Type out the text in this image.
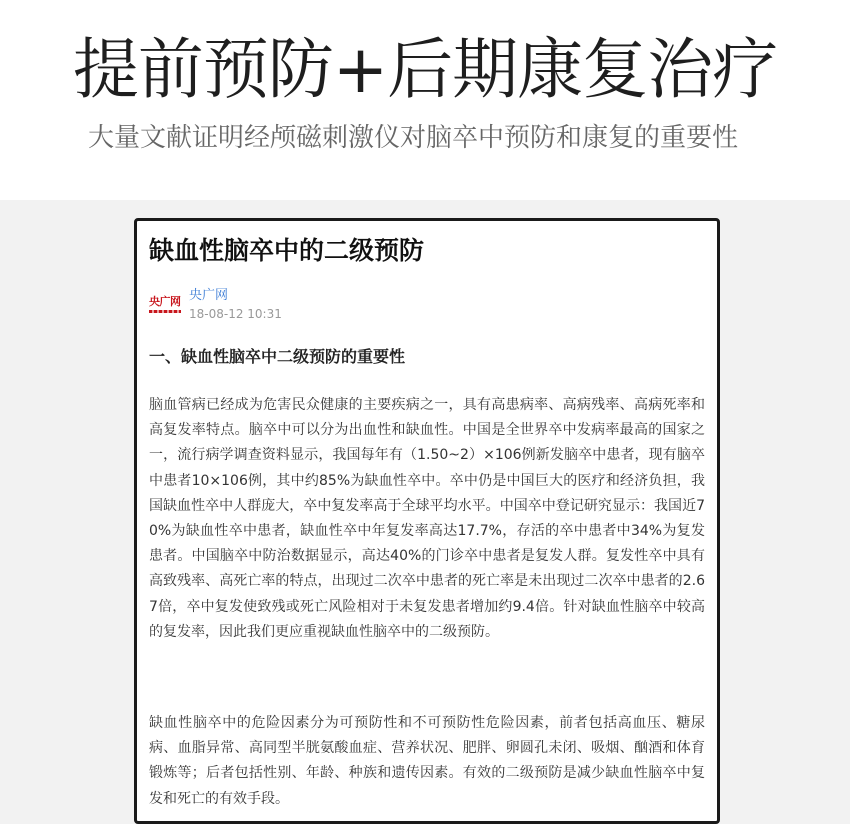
提前预防+后期康复治疗
大量文献证明经颅磁刺激仪对脑卒中预防和康复的重要性
缺血性脑卒中的二级预防
央广网 央广网
18-08-12 10:31
一、缺血性脑卒中二级预防的重要性
脑血管病已经成为危害民众健康的主要疾病之一，具有高患病率、高病残率、高病死率和高复发率特点。脑卒中可以分为出血性和缺血性。中国是全世界卒中发病率最高的国家之一，流行病学调查资料显示，我国每年有（1.50~2）×106例新发脑卒中患者，现有脑卒中患者10×106例，其中约85%为缺血性卒中。卒中仍是中国巨大的医疗和经济负担，我国缺血性卒中人群庞大，卒中复发率高于全球平均水平。中国卒中登记研究显示：我国近70%为缺血性卒中患者，缺血性卒中年复发率高达17.7%，存活的卒中患者中34%为复发患者。中国脑卒中防治数据显示，高达40%的门诊卒中患者是复发人群。复发性卒中具有高致残率、高死亡率的特点，出现过二次卒中患者的死亡率是未出现过二次卒中患者的2.67倍，卒中复发使致残或死亡风险相对于未复发患者增加约9.4倍。针对缺血性脑卒中较高的复发率，因此我们更应重视缺血性脑卒中的二级预防。
缺血性脑卒中的危险因素分为可预防性和不可预防性危险因素，前者包括高血压、糖尿病、血脂异常、高同型半胱氨酸血症、营养状况、肥胖、卵圆孔未闭、吸烟、酗酒和体育锻炼等；后者包括性别、年龄、种族和遗传因素。有效的二级预防是减少缺血性脑卒中复发和死亡的有效手段。
